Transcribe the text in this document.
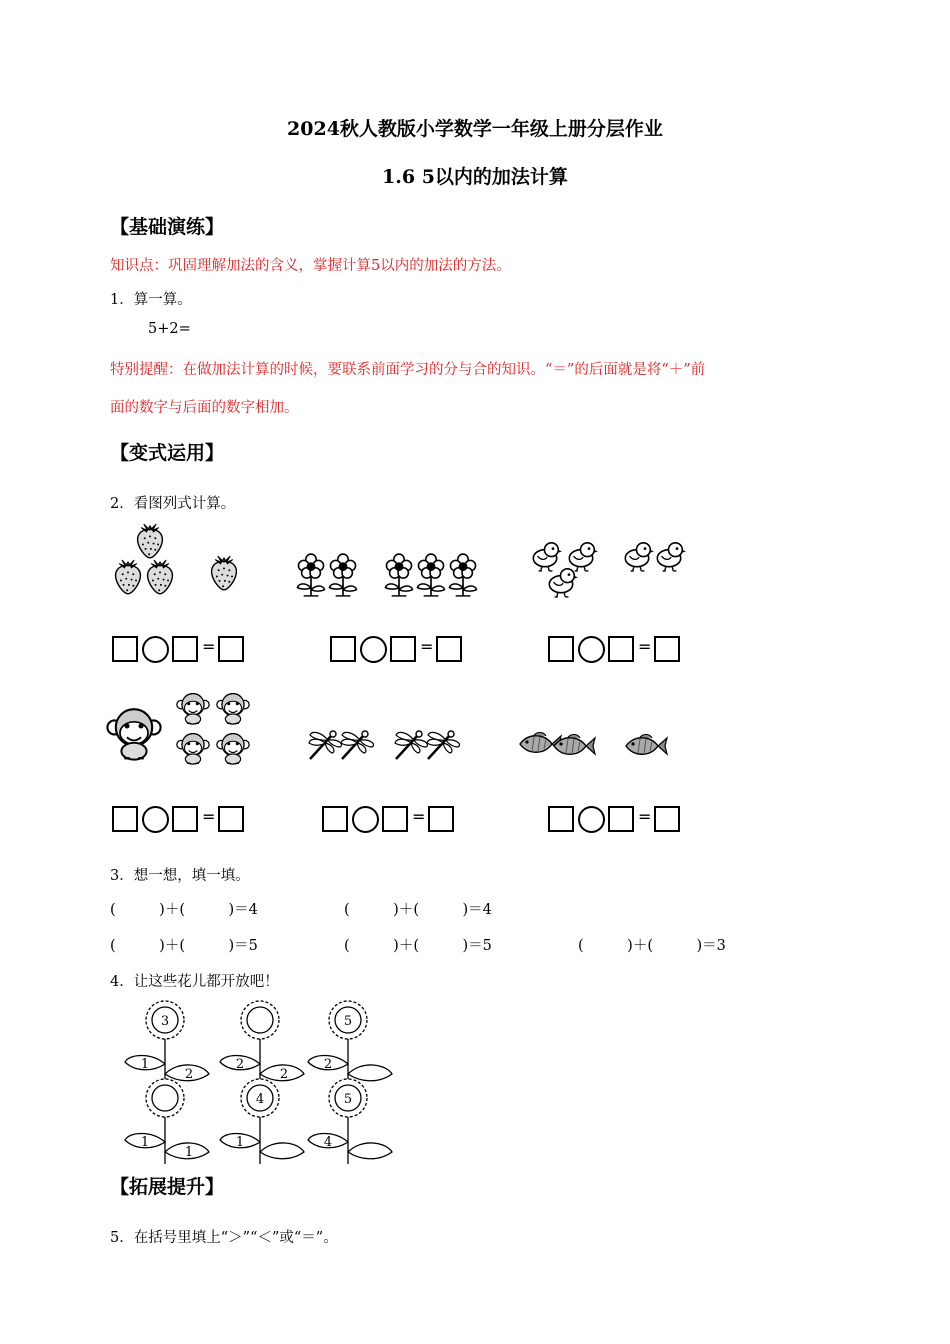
2024秋人教版小学数学一年级上册分层作业
1.6 5以内的加法计算
【基础演练】
知识点：巩固理解加法的含义，掌握计算5以内的加法的方法。
1．算一算。
5+2=
特别提醒：在做加法计算的时候，要联系前面学习的分与合的知识。“＝”的后面就是将“＋”前
面的数字与后面的数字相加。
【变式运用】
2．看图列式计算。
=	=	=
=	=	=
3．想一想，填一填。
(　　　)＋(　　　)＝4	(　　　)＋(　　　)＝4
(　　　)＋(　　　)＝5	(　　　)＋(　　　)＝5	(　　　)＋(　　　)＝3
4．让这些花儿都开放吧！
3
1
2
2
2
5
2
1
1
4
1
5
4
【拓展提升】
5．在括号里填上“＞”“＜”或“＝”。
